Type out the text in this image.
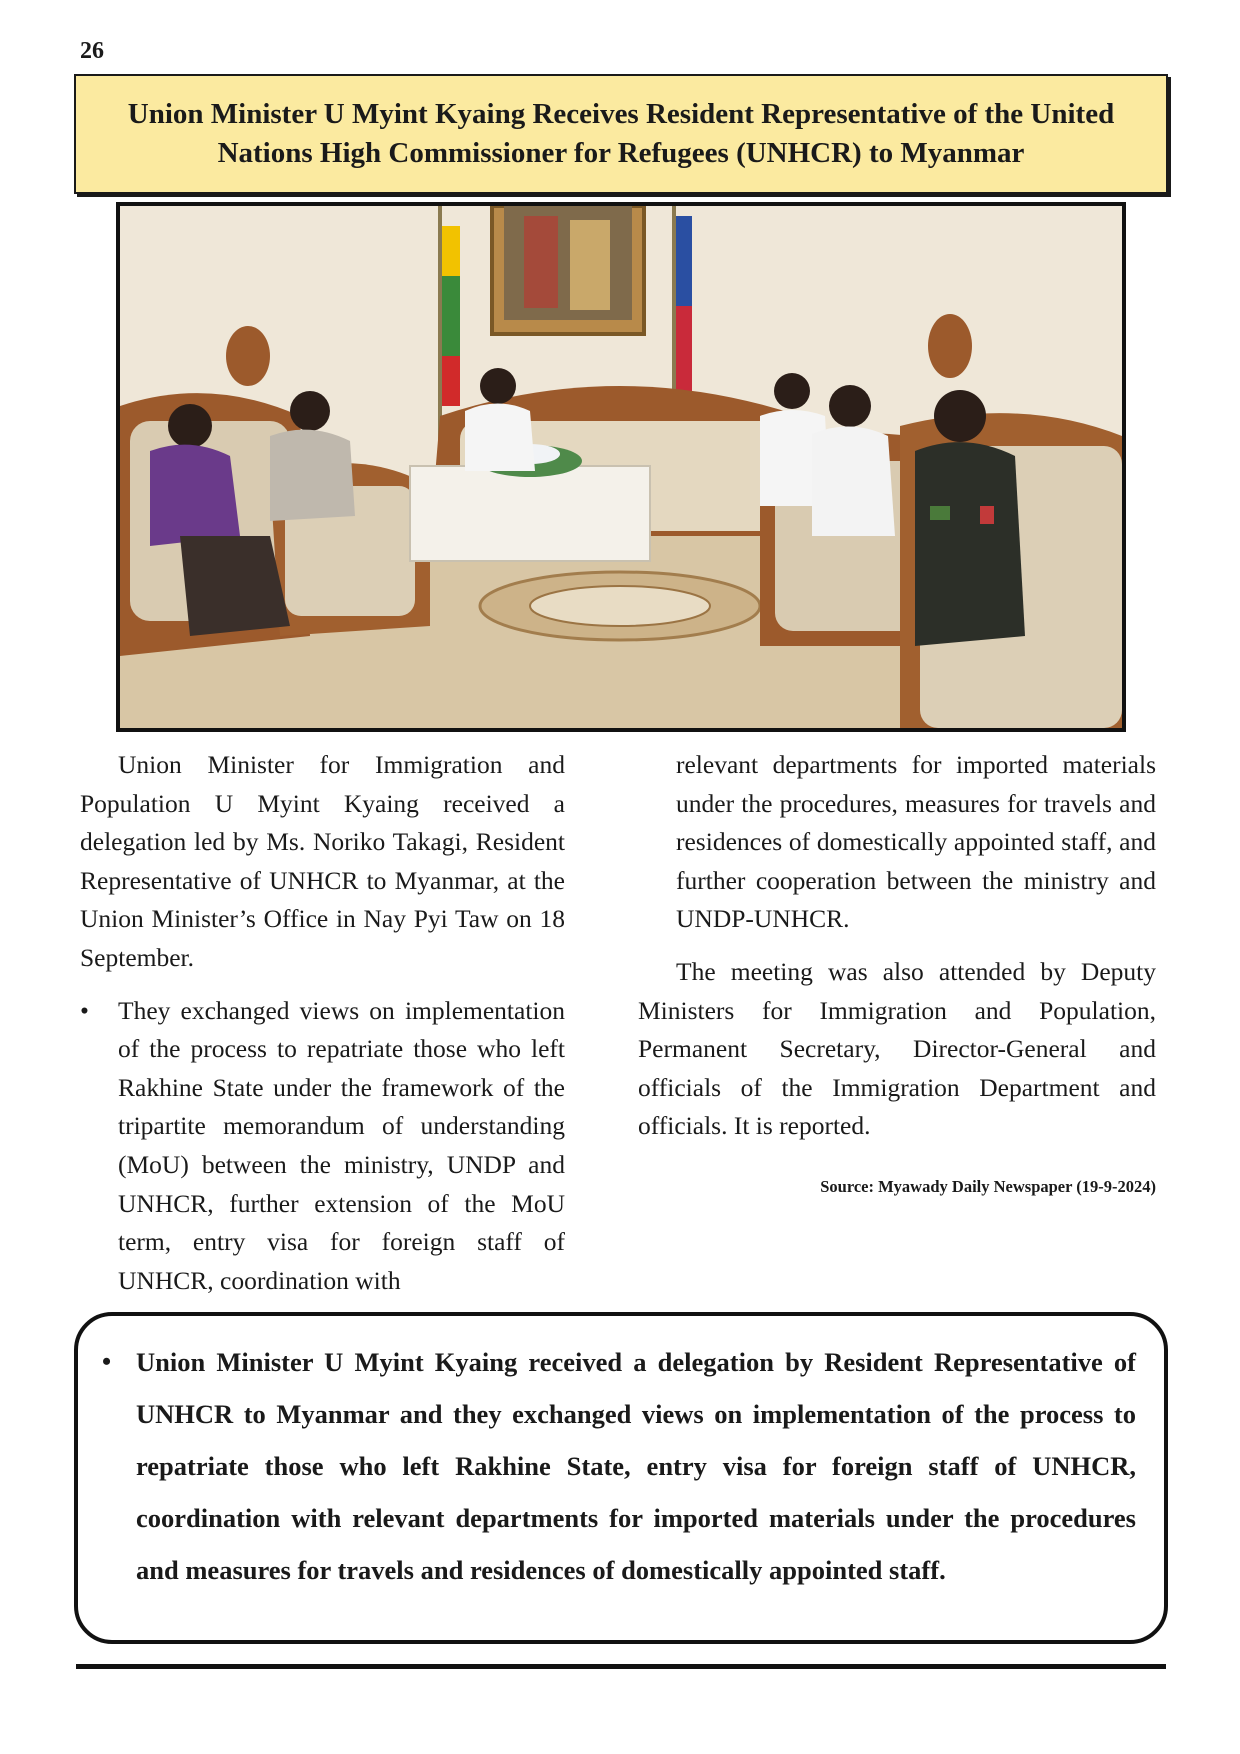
26
Union Minister U Myint Kyaing Receives Resident Representative of the United Nations High Commissioner for Refugees (UNHCR) to Myanmar

Union Minister for Immigration and Population U Myint Kyaing received a delegation led by Ms. Noriko Takagi, Resident Representative of UNHCR to Myanmar, at the Union Minister’s Office in Nay Pyi Taw on 18 September.

• They exchanged views on implementation of the process to repatriate those who left Rakhine State under the framework of the tripartite memorandum of understanding (MoU) between the ministry, UNDP and UNHCR, further extension of the MoU term, entry visa for foreign staff of UNHCR, coordination with

relevant departments for imported materials under the procedures, measures for travels and residences of domestically appointed staff, and further cooperation between the ministry and UNDP-UNHCR.

The meeting was also attended by Deputy Ministers for Immigration and Population, Permanent Secretary, Director-General and officials of the Immigration Department and officials. It is reported.

Source: Myawady Daily Newspaper (19-9-2024)
• Union Minister U Myint Kyaing received a delegation by Resident Representative of UNHCR to Myanmar and they exchanged views on implementation of the process to repatriate those who left Rakhine State, entry visa for foreign staff of UNHCR, coordination with relevant departments for imported materials under the procedures and measures for travels and residences of domestically appointed staff.
